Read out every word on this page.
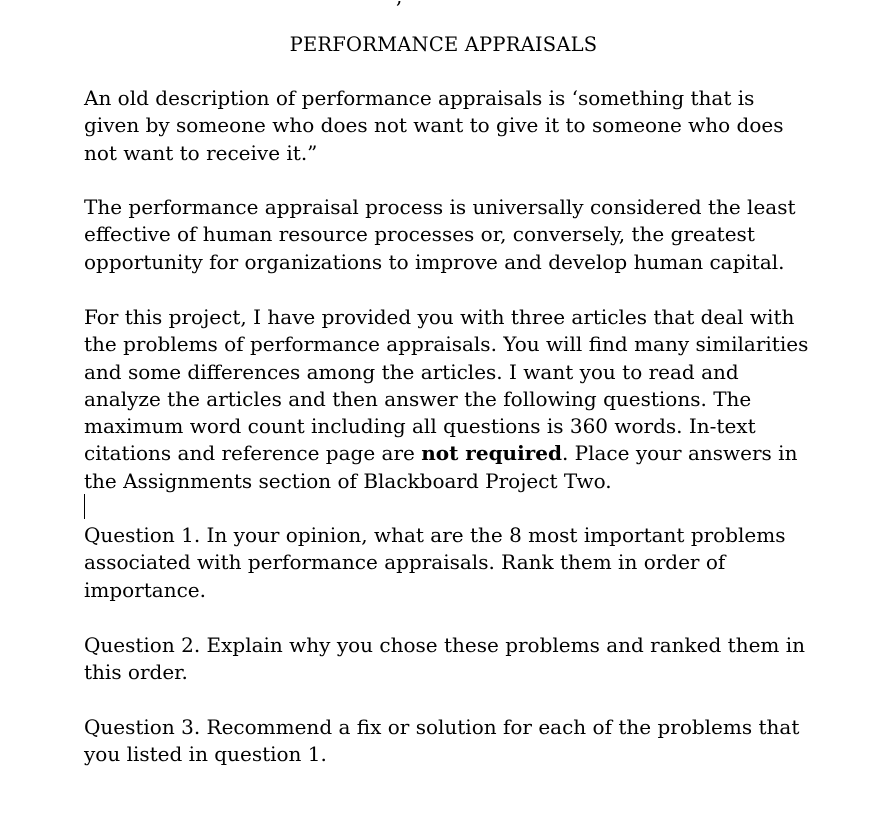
PERFORMANCE APPRAISALS

An old description of performance appraisals is ‘something that is given by someone who does not want to give it to someone who does not want to receive it.”

The performance appraisal process is universally considered the least effective of human resource processes or, conversely, the greatest opportunity for organizations to improve and develop human capital.

For this project, I have provided you with three articles that deal with the problems of performance appraisals. You will find many similarities and some differences among the articles. I want you to read and analyze the articles and then answer the following questions. The maximum word count including all questions is 360 words. In-text citations and reference page are not required. Place your answers in the Assignments section of Blackboard Project Two.

Question 1. In your opinion, what are the 8 most important problems associated with performance appraisals. Rank them in order of importance.

Question 2. Explain why you chose these problems and ranked them in this order.

Question 3. Recommend a fix or solution for each of the problems that you listed in question 1.
